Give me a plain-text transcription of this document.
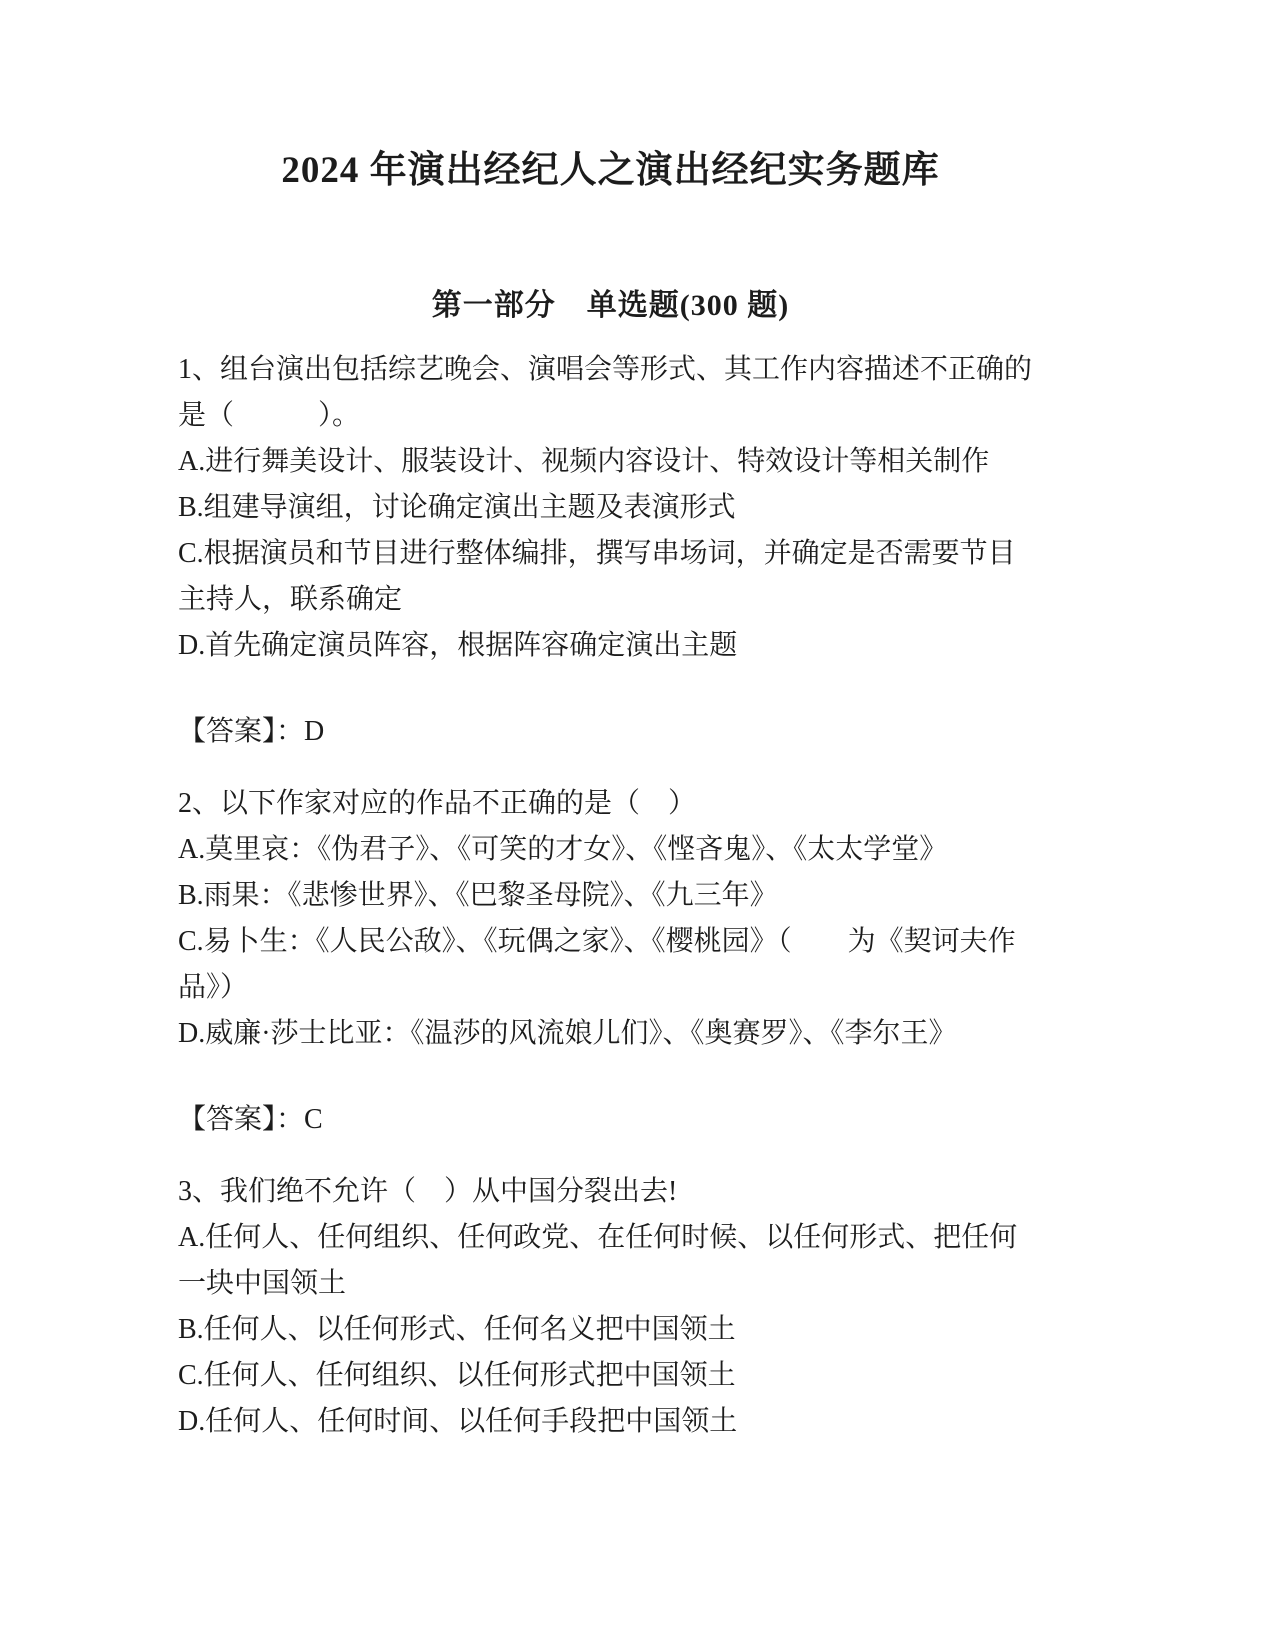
2024 年演出经纪人之演出经纪实务题库
第一部分　单选题(300 题)

1、组台演出包括综艺晚会、演唱会等形式、其工作内容描述不正确的是（　　　）。

A.进行舞美设计、服装设计、视频内容设计、特效设计等相关制作

B.组建导演组，讨论确定演出主题及表演形式

C.根据演员和节目进行整体编排，撰写串场词，并确定是否需要节目主持人，联系确定

D.首先确定演员阵容，根据阵容确定演出主题

【答案】：D

2、以下作家对应的作品不正确的是（　）

A.莫里哀：《伪君子》、《可笑的才女》、《悭吝鬼》、《太太学堂》

B.雨果：《悲惨世界》、《巴黎圣母院》、《九三年》

C.易卜生：《人民公敌》、《玩偶之家》、《樱桃园》（　　为《契诃夫作品》）

D.威廉·莎士比亚：《温莎的风流娘儿们》、《奥赛罗》、《李尔王》

【答案】：C

3、我们绝不允许（　）从中国分裂出去!

A.任何人、任何组织、任何政党、在任何时候、以任何形式、把任何一块中国领土

B.任何人、以任何形式、任何名义把中国领土

C.任何人、任何组织、以任何形式把中国领土

D.任何人、任何时间、以任何手段把中国领土
